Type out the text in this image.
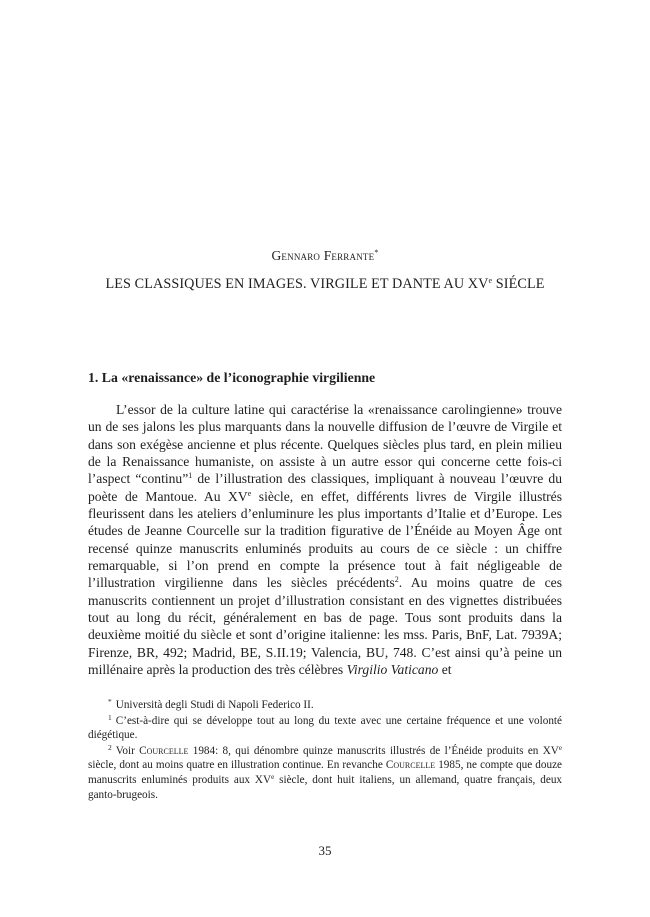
Gennaro Ferrante*
LES CLASSIQUES EN IMAGES. VIRGILE ET DANTE AU XVe SIÉCLE
1. La «renaissance» de l’iconographie virgilienne

L’essor de la culture latine qui caractérise la «renaissance carolingienne» trouve un de ses jalons les plus marquants dans la nouvelle diffusion de l’œuvre de Virgile et dans son exégèse ancienne et plus récente. Quelques siècles plus tard, en plein milieu de la Renaissance humaniste, on assiste à un autre essor qui concerne cette fois-ci l’aspect “continu”$^1$ de l’illustration des classiques, impliquant à nouveau l’œuvre du poète de Mantoue. Au XVe siècle, en effet, différents livres de Virgile illustrés fleurissent dans les ateliers d’enluminure les plus importants d’Italie et d’Europe. Les études de Jeanne Courcelle sur la tradition figurative de l’Énéide au Moyen Âge ont recensé quinze manuscrits enluminés produits au cours de ce siècle : un chiffre remarquable, si l’on prend en compte la présence tout à fait négligeable de l’illustration virgilienne dans les siècles précédents$^2$. Au moins quatre de ces manuscrits contiennent un projet d’illustration consistant en des vignettes distribuées tout au long du récit, généralement en bas de page. Tous sont produits dans la deuxième moitié du siècle et sont d’origine italienne: les mss. Paris, BnF, Lat. 7939A; Firenze, BR, 492; Madrid, BE, S.II.19; Valencia, BU, 748. C’est ainsi qu’à peine un millénaire après la production des très célèbres Virgilio Vaticano et

* Università degli Studi di Napoli Federico II.

$^1$ C’est-à-dire qui se développe tout au long du texte avec une certaine fréquence et une volonté diégétique.

$^2$ Voir Courcelle 1984: 8, qui dénombre quinze manuscrits illustrés de l’Énéide produits en XVe siècle, dont au moins quatre en illustration continue. En revanche Courcelle 1985, ne compte que douze manuscrits enluminés produits aux XVe siècle, dont huit italiens, un allemand, quatre français, deux ganto-brugeois.

35
